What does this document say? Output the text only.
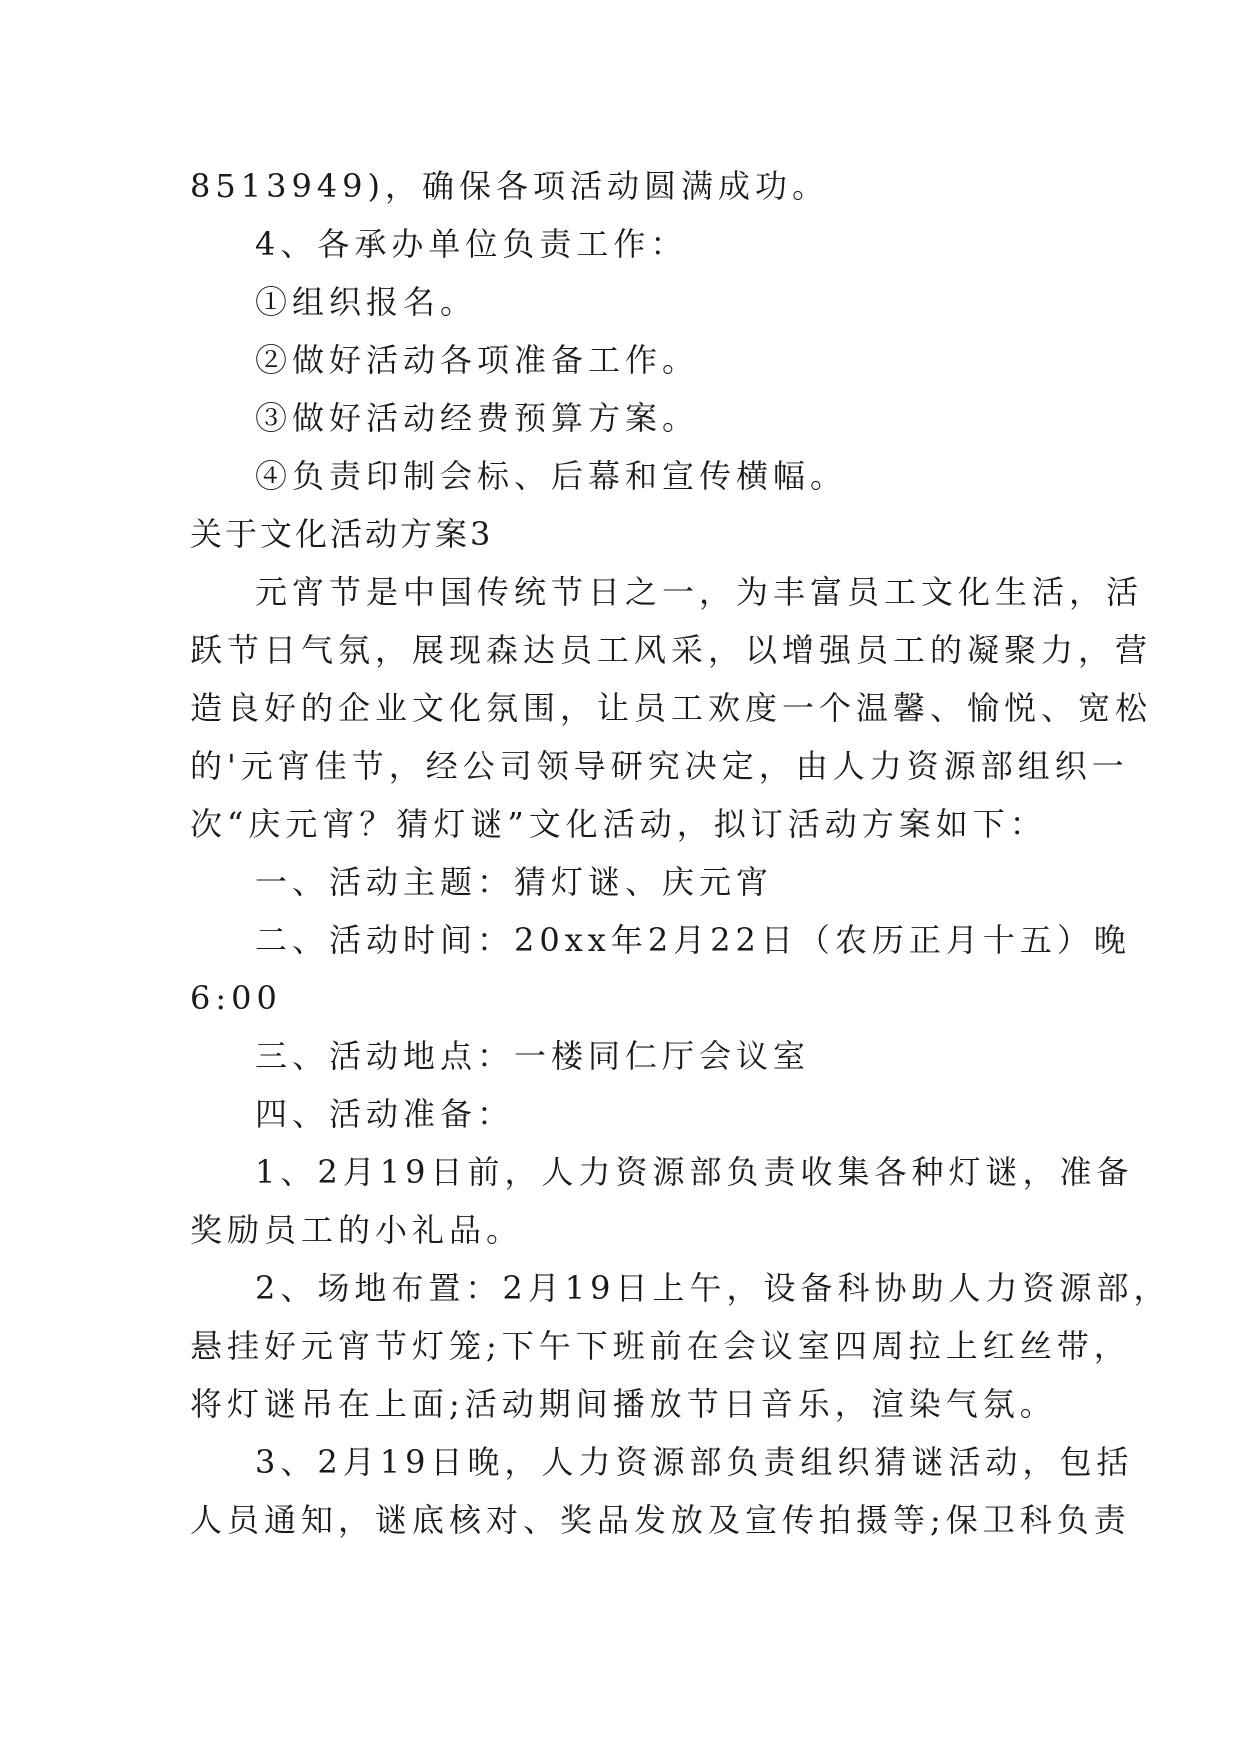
8513949)，确保各项活动圆满成功。
4、各承办单位负责工作：
①组织报名。
②做好活动各项准备工作。
③做好活动经费预算方案。
④负责印制会标、后幕和宣传横幅。
关于文化活动方案3
元宵节是中国传统节日之一，为丰富员工文化生活，活
跃节日气氛，展现森达员工风采，以增强员工的凝聚力，营
造良好的企业文化氛围，让员工欢度一个温馨、愉悦、宽松
的'元宵佳节，经公司领导研究决定，由人力资源部组织一
次“庆元宵？猜灯谜”文化活动，拟订活动方案如下：
一、活动主题：猜灯谜、庆元宵
二、活动时间：20xx年2月22日（农历正月十五）晚
6:00
三、活动地点：一楼同仁厅会议室
四、活动准备：
1、2月19日前，人力资源部负责收集各种灯谜，准备
奖励员工的小礼品。
2、场地布置：2月19日上午，设备科协助人力资源部，
悬挂好元宵节灯笼;下午下班前在会议室四周拉上红丝带，
将灯谜吊在上面;活动期间播放节日音乐，渲染气氛。
3、2月19日晚，人力资源部负责组织猜谜活动，包括
人员通知，谜底核对、奖品发放及宣传拍摄等;保卫科负责
